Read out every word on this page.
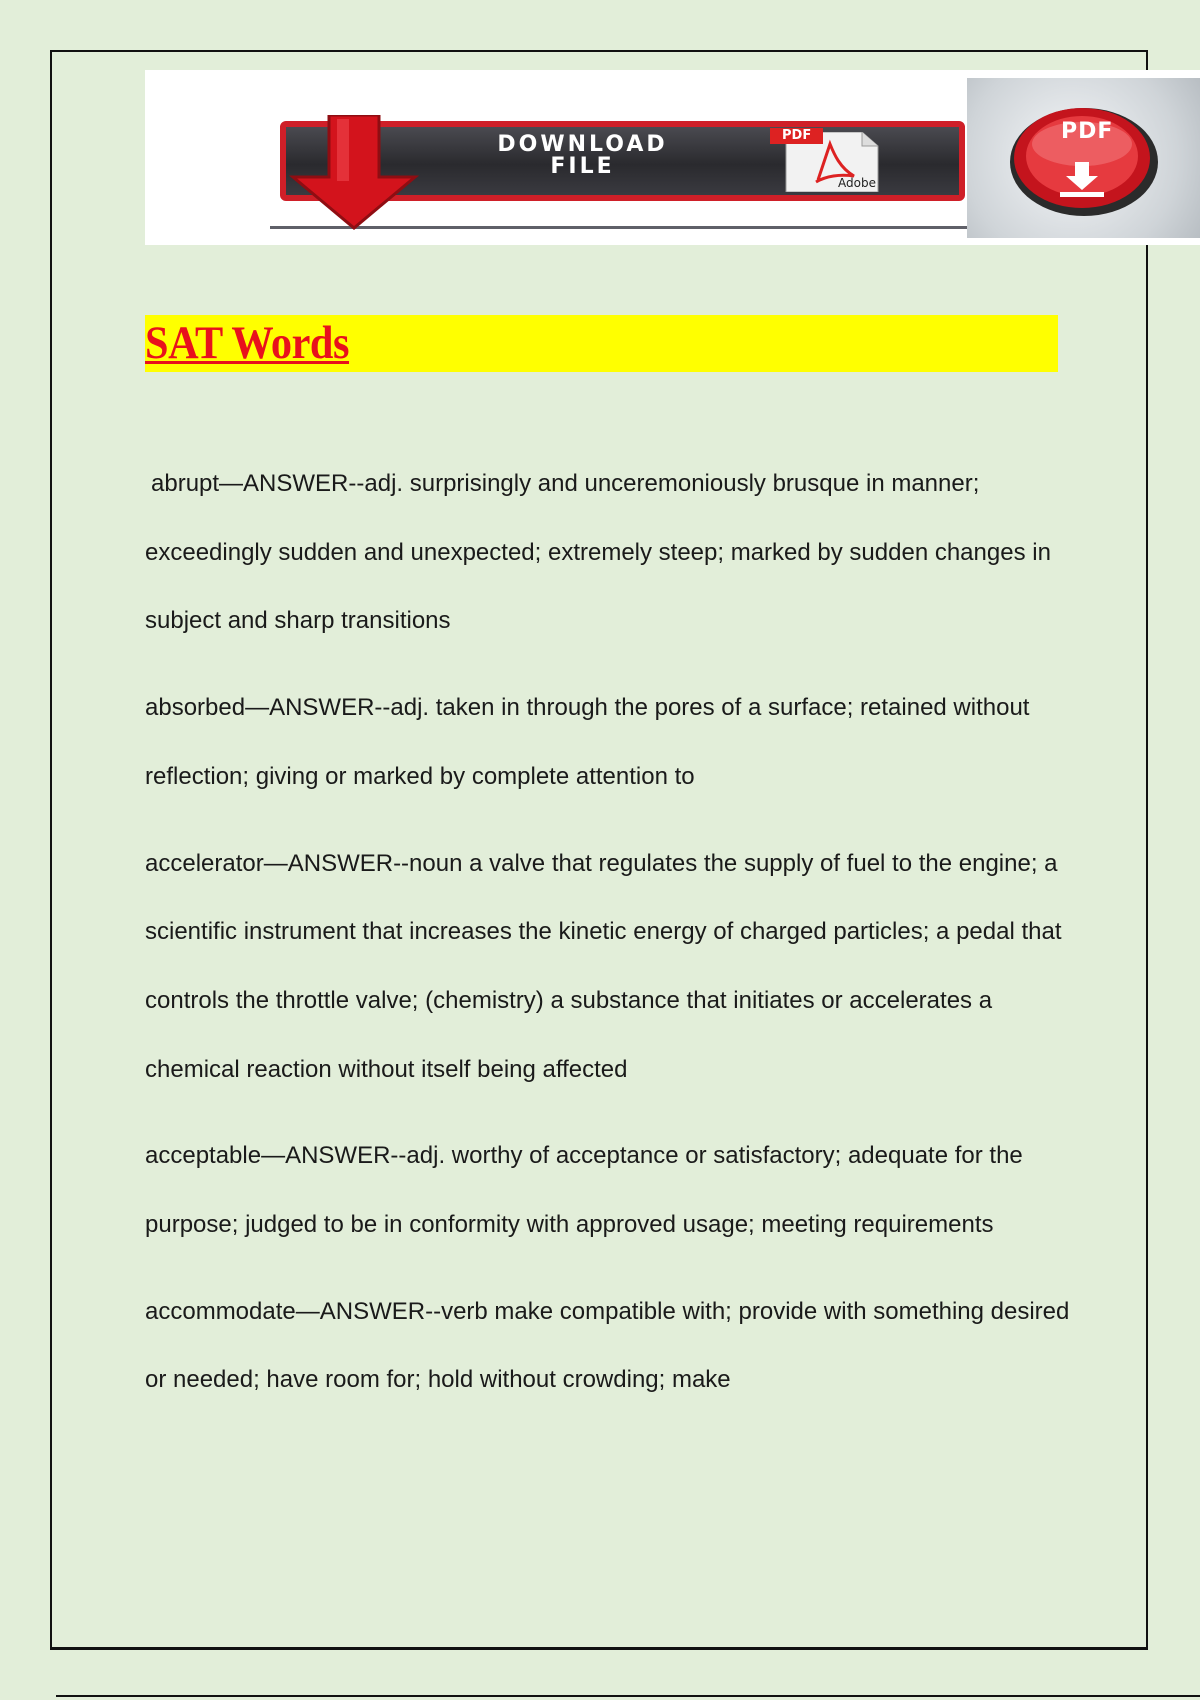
DOWNLOAD
FILE
PDF
Adobe
PDF
SAT Words

abrupt—ANSWER--adj. surprisingly and unceremoniously brusque in manner; exceedingly sudden and unexpected; extremely steep; marked by sudden changes in subject and sharp transitions

absorbed—ANSWER--adj. taken in through the pores of a surface; retained without reflection; giving or marked by complete attention to

accelerator—ANSWER--noun a valve that regulates the supply of fuel to the engine; a scientific instrument that increases the kinetic energy of charged particles; a pedal that controls the throttle valve; (chemistry) a substance that initiates or accelerates a chemical reaction without itself being affected

acceptable—ANSWER--adj. worthy of acceptance or satisfactory; adequate for the purpose; judged to be in conformity with approved usage; meeting requirements

accommodate—ANSWER--verb make compatible with; provide with something desired or needed; have room for; hold without crowding; make
